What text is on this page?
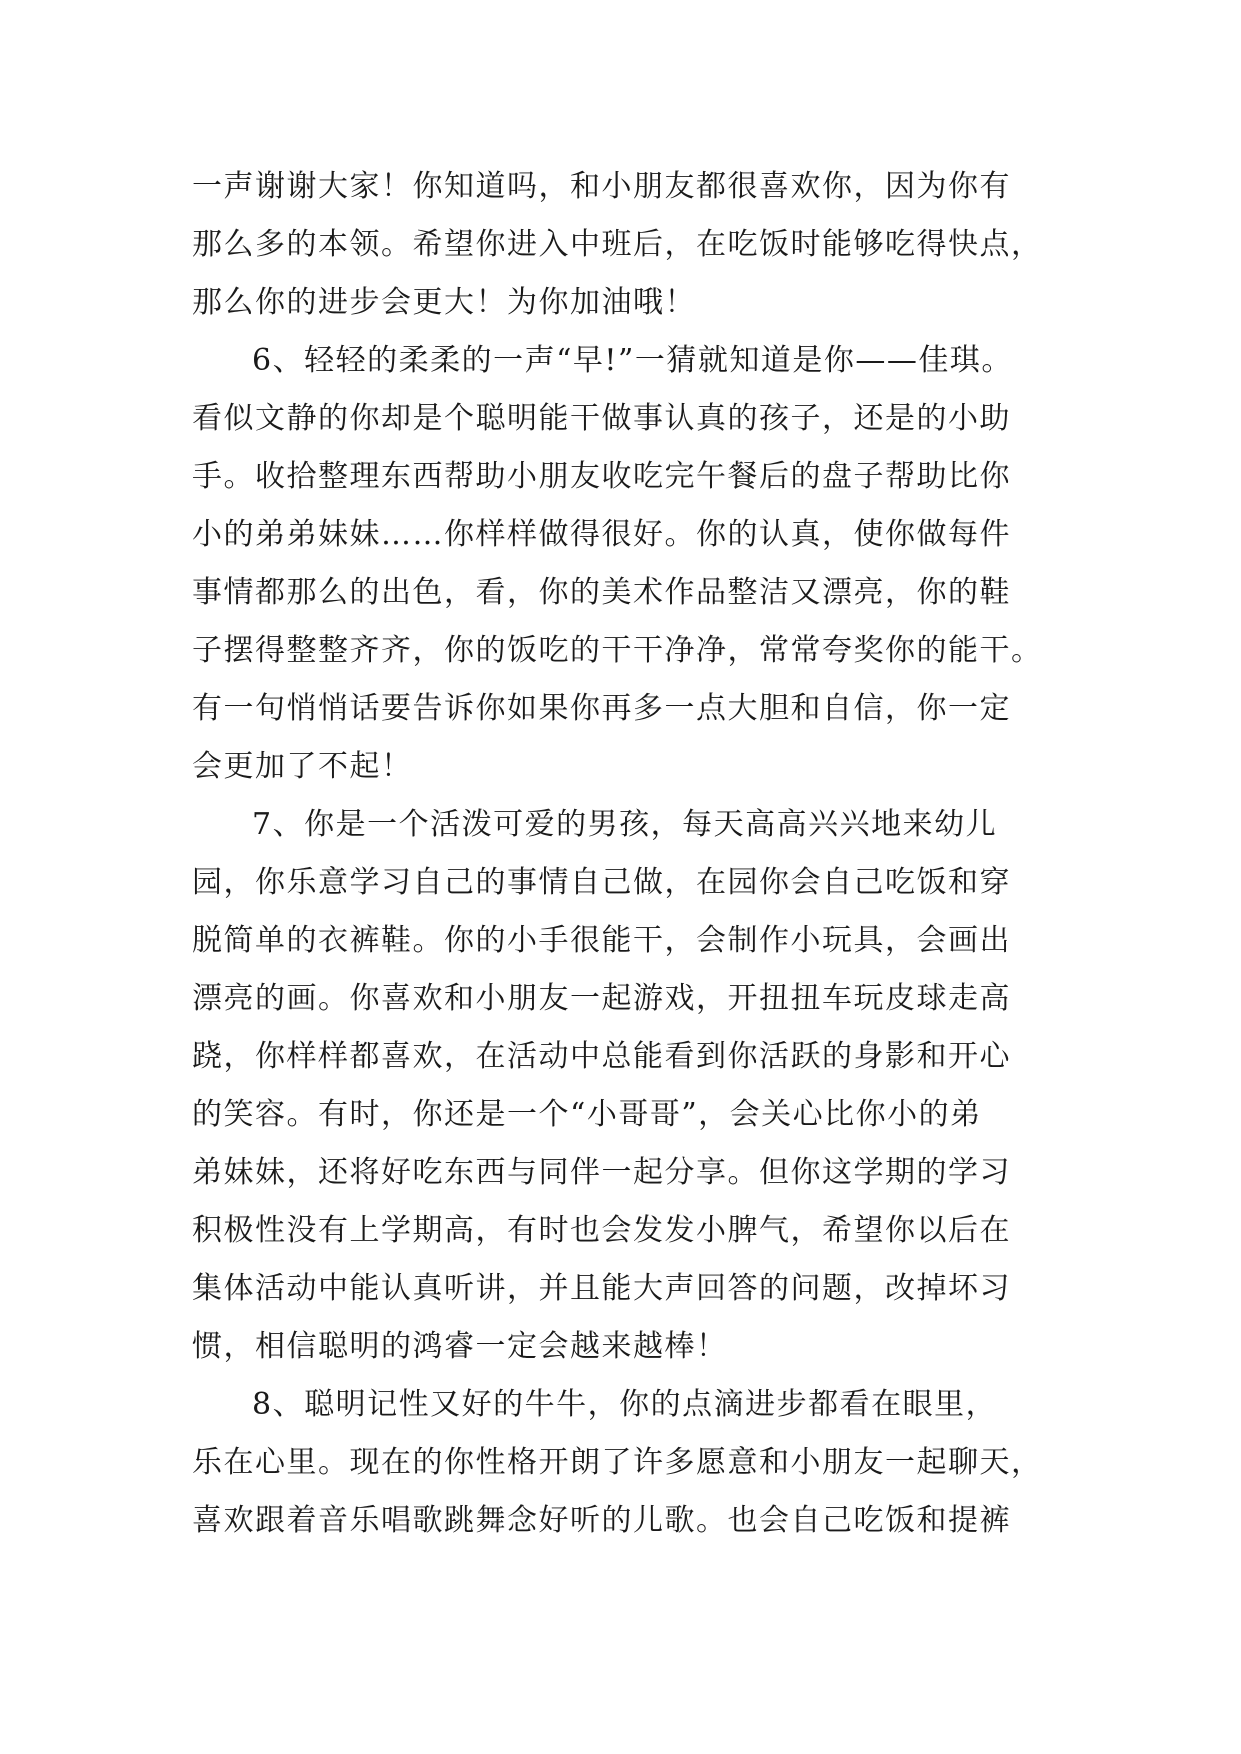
一声谢谢大家！你知道吗，和小朋友都很喜欢你，因为你有
那么多的本领。希望你进入中班后，在吃饭时能够吃得快点，
那么你的进步会更大！为你加油哦！
6、轻轻的柔柔的一声“早!”一猜就知道是你——佳琪。
看似文静的你却是个聪明能干做事认真的孩子，还是的小助
手。收拾整理东西帮助小朋友收吃完午餐后的盘子帮助比你
小的弟弟妹妹……你样样做得很好。你的认真，使你做每件
事情都那么的出色，看，你的美术作品整洁又漂亮，你的鞋
子摆得整整齐齐，你的饭吃的干干净净，常常夸奖你的能干。
有一句悄悄话要告诉你如果你再多一点大胆和自信，你一定
会更加了不起！
7、你是一个活泼可爱的男孩，每天高高兴兴地来幼儿
园，你乐意学习自己的事情自己做，在园你会自己吃饭和穿
脱简单的衣裤鞋。你的小手很能干，会制作小玩具，会画出
漂亮的画。你喜欢和小朋友一起游戏，开扭扭车玩皮球走高
跷，你样样都喜欢，在活动中总能看到你活跃的身影和开心
的笑容。有时，你还是一个“小哥哥”，会关心比你小的弟
弟妹妹，还将好吃东西与同伴一起分享。但你这学期的学习
积极性没有上学期高，有时也会发发小脾气，希望你以后在
集体活动中能认真听讲，并且能大声回答的问题，改掉坏习
惯，相信聪明的鸿睿一定会越来越棒！
8、聪明记性又好的牛牛，你的点滴进步都看在眼里，
乐在心里。现在的你性格开朗了许多愿意和小朋友一起聊天，
喜欢跟着音乐唱歌跳舞念好听的儿歌。也会自己吃饭和提裤
